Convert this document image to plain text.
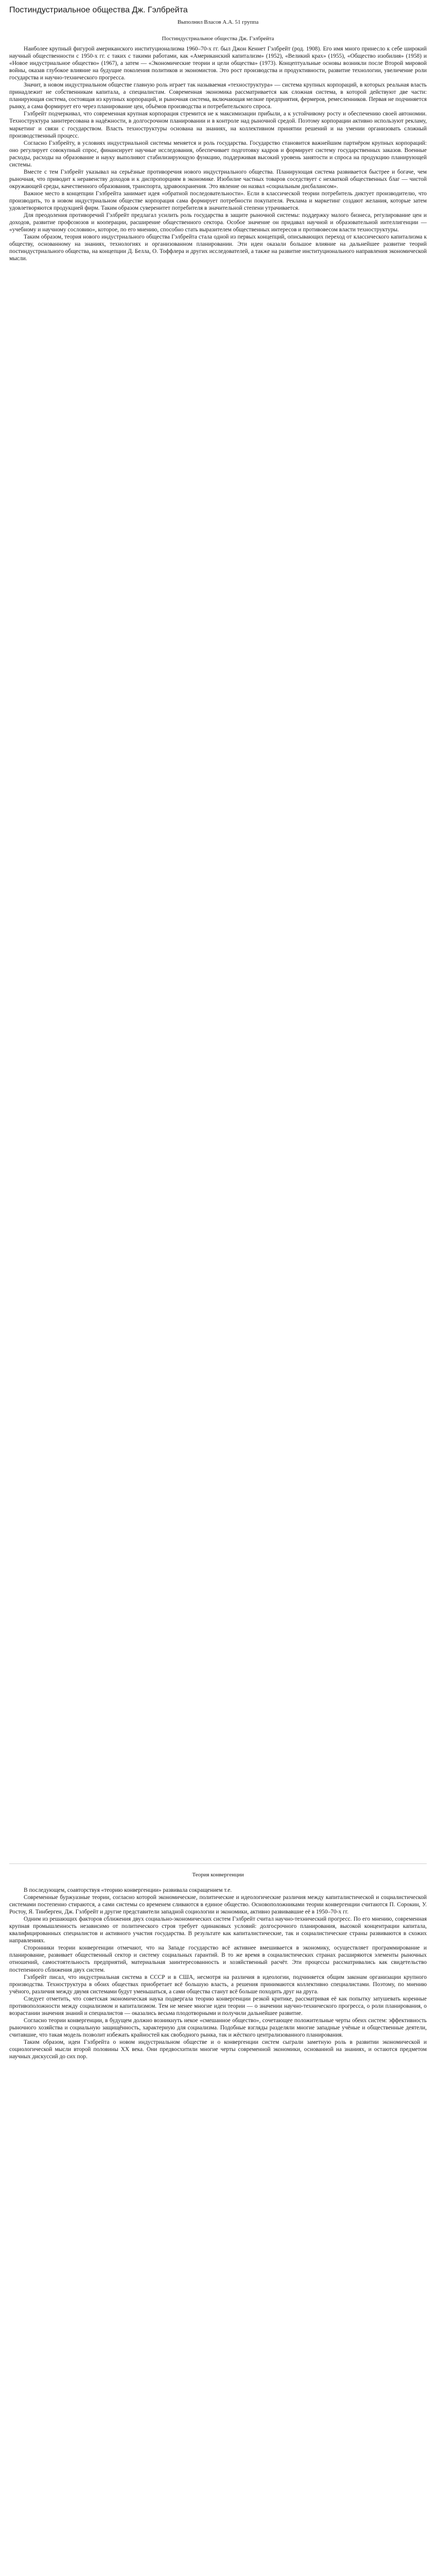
Постиндустриальное общества Дж. Гэлбрейта
Выполнил Власов А.А. 51 группа
Постиндустриальное общества Дж. Гэлбрейта

Наиболее крупный фигурой американского институционализма 1960–70-х гг. был Джон Кеннет Гэлбрейт (род. 1908). Его имя много принесло к себе широкий научный общественности с 1950-х гг. с таких с такими работами, как «Американский капитализм» (1952), «Великий крах» (1955), «Общество изобилия» (1958) и «Новое индустриальное общество» (1967), а затем — «Экономические теории и цели общества» (1973). Концептуальные основы возникли после Второй мировой войны, оказав глубокое влияние на будущие поколения политиков и экономистов. Это рост производства и продуктивности, развитие технологии, увеличение роли государства и научно-технического прогресса.

Значит, в новом индустриальном обществе главную роль играет так называемая «техноструктура» — система крупных корпораций, в которых реальная власть принадлежит не собственникам капитала, а специалистам. Современная экономика рассматривается как сложная система, в которой действуют две части: планирующая система, состоящая из крупных корпораций, и рыночная система, включающая мелкие предприятия, фермеров, ремесленников. Первая не подчиняется рынку, а сама формирует его через планирование цен, объёмов производства и потребительского спроса.

Гэлбрейт подчеркивал, что современная крупная корпорация стремится не к максимизации прибыли, а к устойчивому росту и обеспечению своей автономии. Техноструктура заинтересована в надёжности, в долгосрочном планировании и в контроле над рыночной средой. Поэтому корпорации активно используют рекламу, маркетинг и связи с государством. Власть техноструктуры основана на знаниях, на коллективном принятии решений и на умении организовать сложный производственный процесс.

Согласно Гэлбрейту, в условиях индустриальной системы меняется и роль государства. Государство становится важнейшим партнёром крупных корпораций: оно регулирует совокупный спрос, финансирует научные исследования, обеспечивает подготовку кадров и формирует систему государственных заказов. Военные расходы, расходы на образование и науку выполняют стабилизирующую функцию, поддерживая высокий уровень занятости и спроса на продукцию планирующей системы.

Вместе с тем Гэлбрейт указывал на серьёзные противоречия нового индустриального общества. Планирующая система развивается быстрее и богаче, чем рыночная, что приводит к неравенству доходов и к диспропорциям в экономике. Изобилие частных товаров соседствует с нехваткой общественных благ — чистой окружающей среды, качественного образования, транспорта, здравоохранения. Это явление он назвал «социальным дисбалансом».

Важное место в концепции Гэлбрейта занимает идея «обратной последовательности». Если в классической теории потребитель диктует производителю, что производить, то в новом индустриальном обществе корпорация сама формирует потребности покупателя. Реклама и маркетинг создают желания, которые затем удовлетворяются продукцией фирм. Таким образом суверенитет потребителя в значительной степени утрачивается.

Для преодоления противоречий Гэлбрейт предлагал усилить роль государства в защите рыночной системы: поддержку малого бизнеса, регулирование цен и доходов, развитие профсоюзов и кооперации, расширение общественного сектора. Особое значение он придавал научной и образовательной интеллигенции — «учебному и научному сословию», которое, по его мнению, способно стать выразителем общественных интересов и противовесом власти техноструктуры.

Таким образом, теория нового индустриального общества Гэлбрейта стала одной из первых концепций, описывающих переход от классического капитализма к обществу, основанному на знаниях, технологиях и организованном планировании. Эти идеи оказали большое влияние на дальнейшее развитие теорий постиндустриального общества, на концепции Д. Белла, О. Тоффлера и других исследователей, а также на развитие институционального направления экономической мысли.

Теория конвергенции

В последующем, соавторствуя «теорию конвергенции» развивала сокращением т.е.

Современные буржуазные теории, согласно которой экономические, политические и идеологические различия между капиталистической и социалистической системами постепенно стираются, а сами системы со временем сливаются в единое общество. Основоположниками теории конвергенции считаются П. Сорокин, У. Ростоу, Я. Тинберген, Дж. Гэлбрейт и другие представители западной социологии и экономики, активно развивавшие её в 1950–70-х гг.

Одним из решающих факторов сближения двух социально-экономических систем Гэлбрейт считал научно-технический прогресс. По его мнению, современная крупная промышленность независимо от политического строя требует одинаковых условий: долгосрочного планирования, высокой концентрации капитала, квалифицированных специалистов и активного участия государства. В результате как капиталистические, так и социалистические страны развиваются в схожих направлениях.

Сторонники теории конвергенции отмечают, что на Западе государство всё активнее вмешивается в экономику, осуществляет программирование и планирование, развивает общественный сектор и систему социальных гарантий. В то же время в социалистических странах расширяются элементы рыночных отношений, самостоятельность предприятий, материальная заинтересованность и хозяйственный расчёт. Эти процессы рассматривались как свидетельство постепенного сближения двух систем.

Гэлбрейт писал, что индустриальная система в СССР и в США, несмотря на различия в идеологии, подчиняется общим законам организации крупного производства. Техноструктура в обоих обществах приобретает всё большую власть, а решения принимаются коллективно специалистами. Поэтому, по мнению учёного, различия между двумя системами будут уменьшаться, а сами общества станут всё больше походить друг на друга.

Следует отметить, что советская экономическая наука подвергала теорию конвергенции резкой критике, рассматривая её как попытку затушевать коренные противоположности между социализмом и капитализмом. Тем не менее многие идеи теории — о значении научно-технического прогресса, о роли планирования, о возрастании значения знаний и специалистов — оказались весьма плодотворными и получили дальнейшее развитие.

Согласно теории конвергенции, в будущем должно возникнуть некое «смешанное общество», сочетающее положительные черты обеих систем: эффективность рыночного хозяйства и социальную защищённость, характерную для социализма. Подобные взгляды разделяли многие западные учёные и общественные деятели, считавшие, что такая модель позволит избежать крайностей как свободного рынка, так и жёсткого централизованного планирования.

Таким образом, идеи Гэлбрейта о новом индустриальном обществе и о конвергенции систем сыграли заметную роль в развитии экономической и социологической мысли второй половины XX века. Они предвосхитили многие черты современной экономики, основанной на знаниях, и остаются предметом научных дискуссий до сих пор.
